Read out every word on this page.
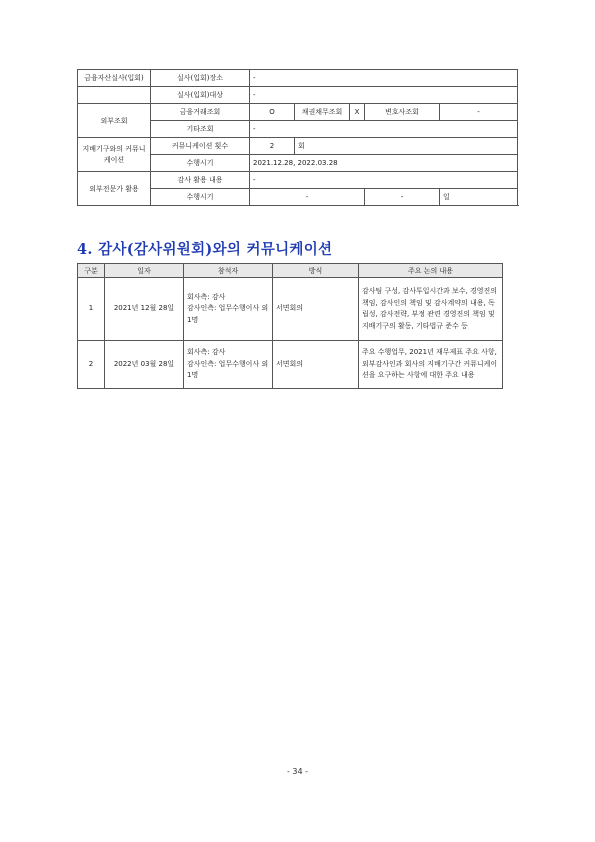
금융자산실사(입회)	실사(입회)장소	-				
	실사(입회)대상	-				
외부조회	금융거래조회	O	채권채무조회	X	변호사조회	-
	기타조회	-				
지배기구와의 커뮤니케이션	커뮤니케이션 횟수	2	회			
	수행시기	2021.12.28, 2022.03.28				
외부전문가 활용	감사 활용 내용	-				
	수행시기	-			-	일
4. 감사(감사위원회)와의 커뮤니케이션
구분	일자	참석자	방식	주요 논의 내용
1	2021년 12월 28일	회사측: 감사
감사인측: 업무수행이사 외 1명	서면회의	감사팀 구성, 감사투입시간과 보수, 경영진의 책임, 감사인의 책임 및 감사계약의 내용, 독립성, 감사전략, 부정 관련 경영진의 책임 및 지배기구의 활동, 기타법규 준수 등
2	2022년 03월 28일	회사측: 감사
감사인측: 업무수행이사 외 1명	서면회의	주요 수행업무, 2021년 재무제표 주요 사항, 외부감사인과 회사의 지배기구간 커뮤니케이션을 요구하는 사항에 대한 주요 내용
- 34 -
